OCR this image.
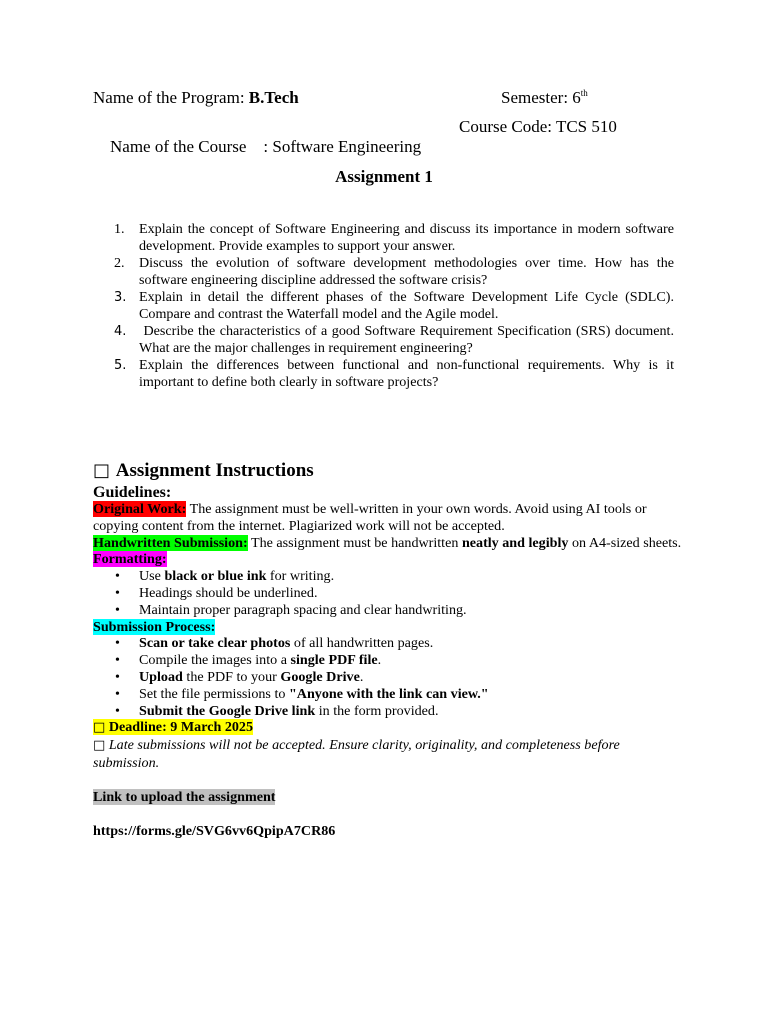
Name of the Program: B.Tech	Semester: 6th

Name of the Course    : Software Engineering

Course Code: TCS 510
Assignment 1
1.	Explain the concept of Software Engineering and discuss its importance in modern software development. Provide examples to support your answer.
2.	Discuss the evolution of software development methodologies over time. How has the software engineering discipline addressed the software crisis?
3. Explain in detail the different phases of the Software Development Life Cycle (SDLC). Compare and contrast the Waterfall model and the Agile model.
4. Describe the characteristics of a good Software Requirement Specification (SRS) document. What are the major challenges in requirement engineering?
5. Explain the differences between functional and non-functional requirements. Why is it important to define both clearly in software projects?
□ Assignment Instructions
Guidelines:

Original Work: The assignment must be well-written in your own words. Avoid using AI tools or copying content from the internet. Plagiarized work will not be accepted.

Handwritten Submission: The assignment must be handwritten neatly and legibly on A4-sized sheets.

Formatting:
• Use black or blue ink for writing.
• Headings should be underlined.
• Maintain proper paragraph spacing and clear handwriting.
Submission Process:
• Scan or take clear photos of all handwritten pages.
• Compile the images into a single PDF file.
• Upload the PDF to your Google Drive.
• Set the file permissions to "Anyone with the link can view."
• Submit the Google Drive link in the form provided.
□ Deadline: 9 March 2025

□ Late submissions will not be accepted. Ensure clarity, originality, and completeness before submission.

Link to upload the assignment
https://forms.gle/SVG6vv6QpipA7CR86
